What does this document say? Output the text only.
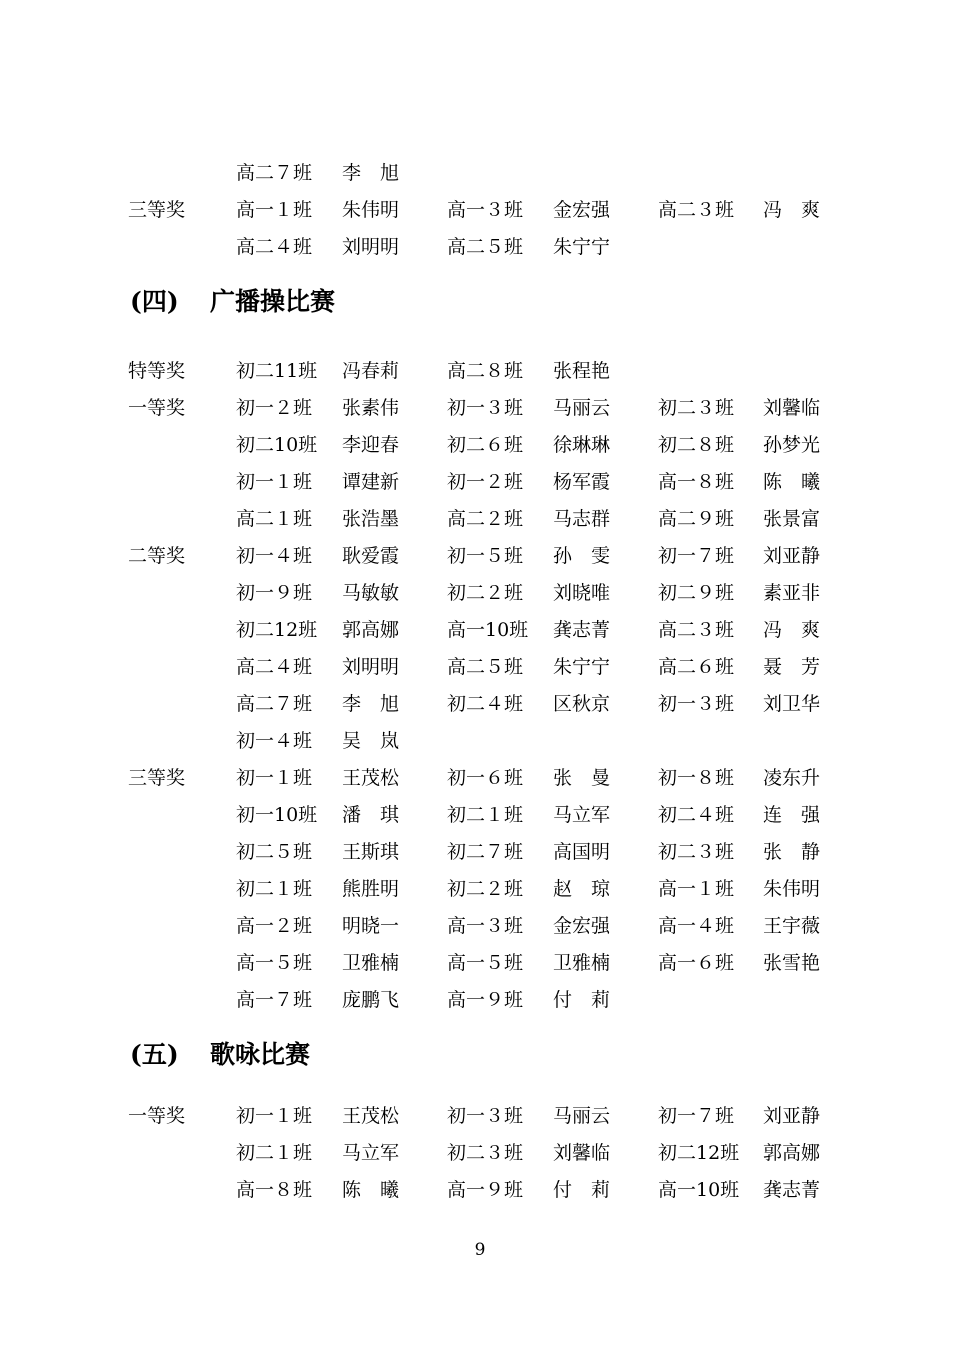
高二７班 李　旭
三等奖	高一１班 朱伟明	高一３班 金宏强	高二３班 冯　爽
高二４班 刘明明	高二５班 朱宁宁
(四) 广播操比赛
特等奖	初二11班 冯春莉	高二８班 张程艳
一等奖	初一２班 张素伟	初一３班 马丽云	初二３班 刘馨临
初二10班 李迎春	初二６班 徐琳琳	初二８班 孙梦光
初一１班 谭建新	初一２班 杨军霞	高一８班 陈　曦
高二１班 张浩墨	高二２班 马志群	高二９班 张景富
二等奖	初一４班 耿爱霞	初一５班 孙　雯	初一７班 刘亚静
初一９班 马敏敏	初二２班 刘晓唯	初二９班 素亚非
初二12班 郭高娜	高一10班 龚志菁	高二３班 冯　爽
高二４班 刘明明	高二５班 朱宁宁	高二６班 聂　芳
高二７班 李　旭	初二４班 区秋京	初一３班 刘卫华
初一４班 吴　岚
三等奖	初一１班 王茂松	初一６班 张　曼	初一８班 凌东升
初一10班 潘　琪	初二１班 马立军	初二４班 连　强
初二５班 王斯琪	初二７班 高国明	初二３班 张　静
初二１班 熊胜明	初二２班 赵　琼	高一１班 朱伟明
高一２班 明晓一	高一３班 金宏强	高一４班 王宇薇
高一５班 卫雅楠	高一５班 卫雅楠	高一６班 张雪艳
高一７班 庞鹏飞	高一９班 付　莉
(五) 歌咏比赛
一等奖	初一１班 王茂松	初一３班 马丽云	初一７班 刘亚静
初二１班 马立军	初二３班 刘馨临	初二12班 郭高娜
高一８班 陈　曦	高一９班 付　莉	高一10班 龚志菁
9
